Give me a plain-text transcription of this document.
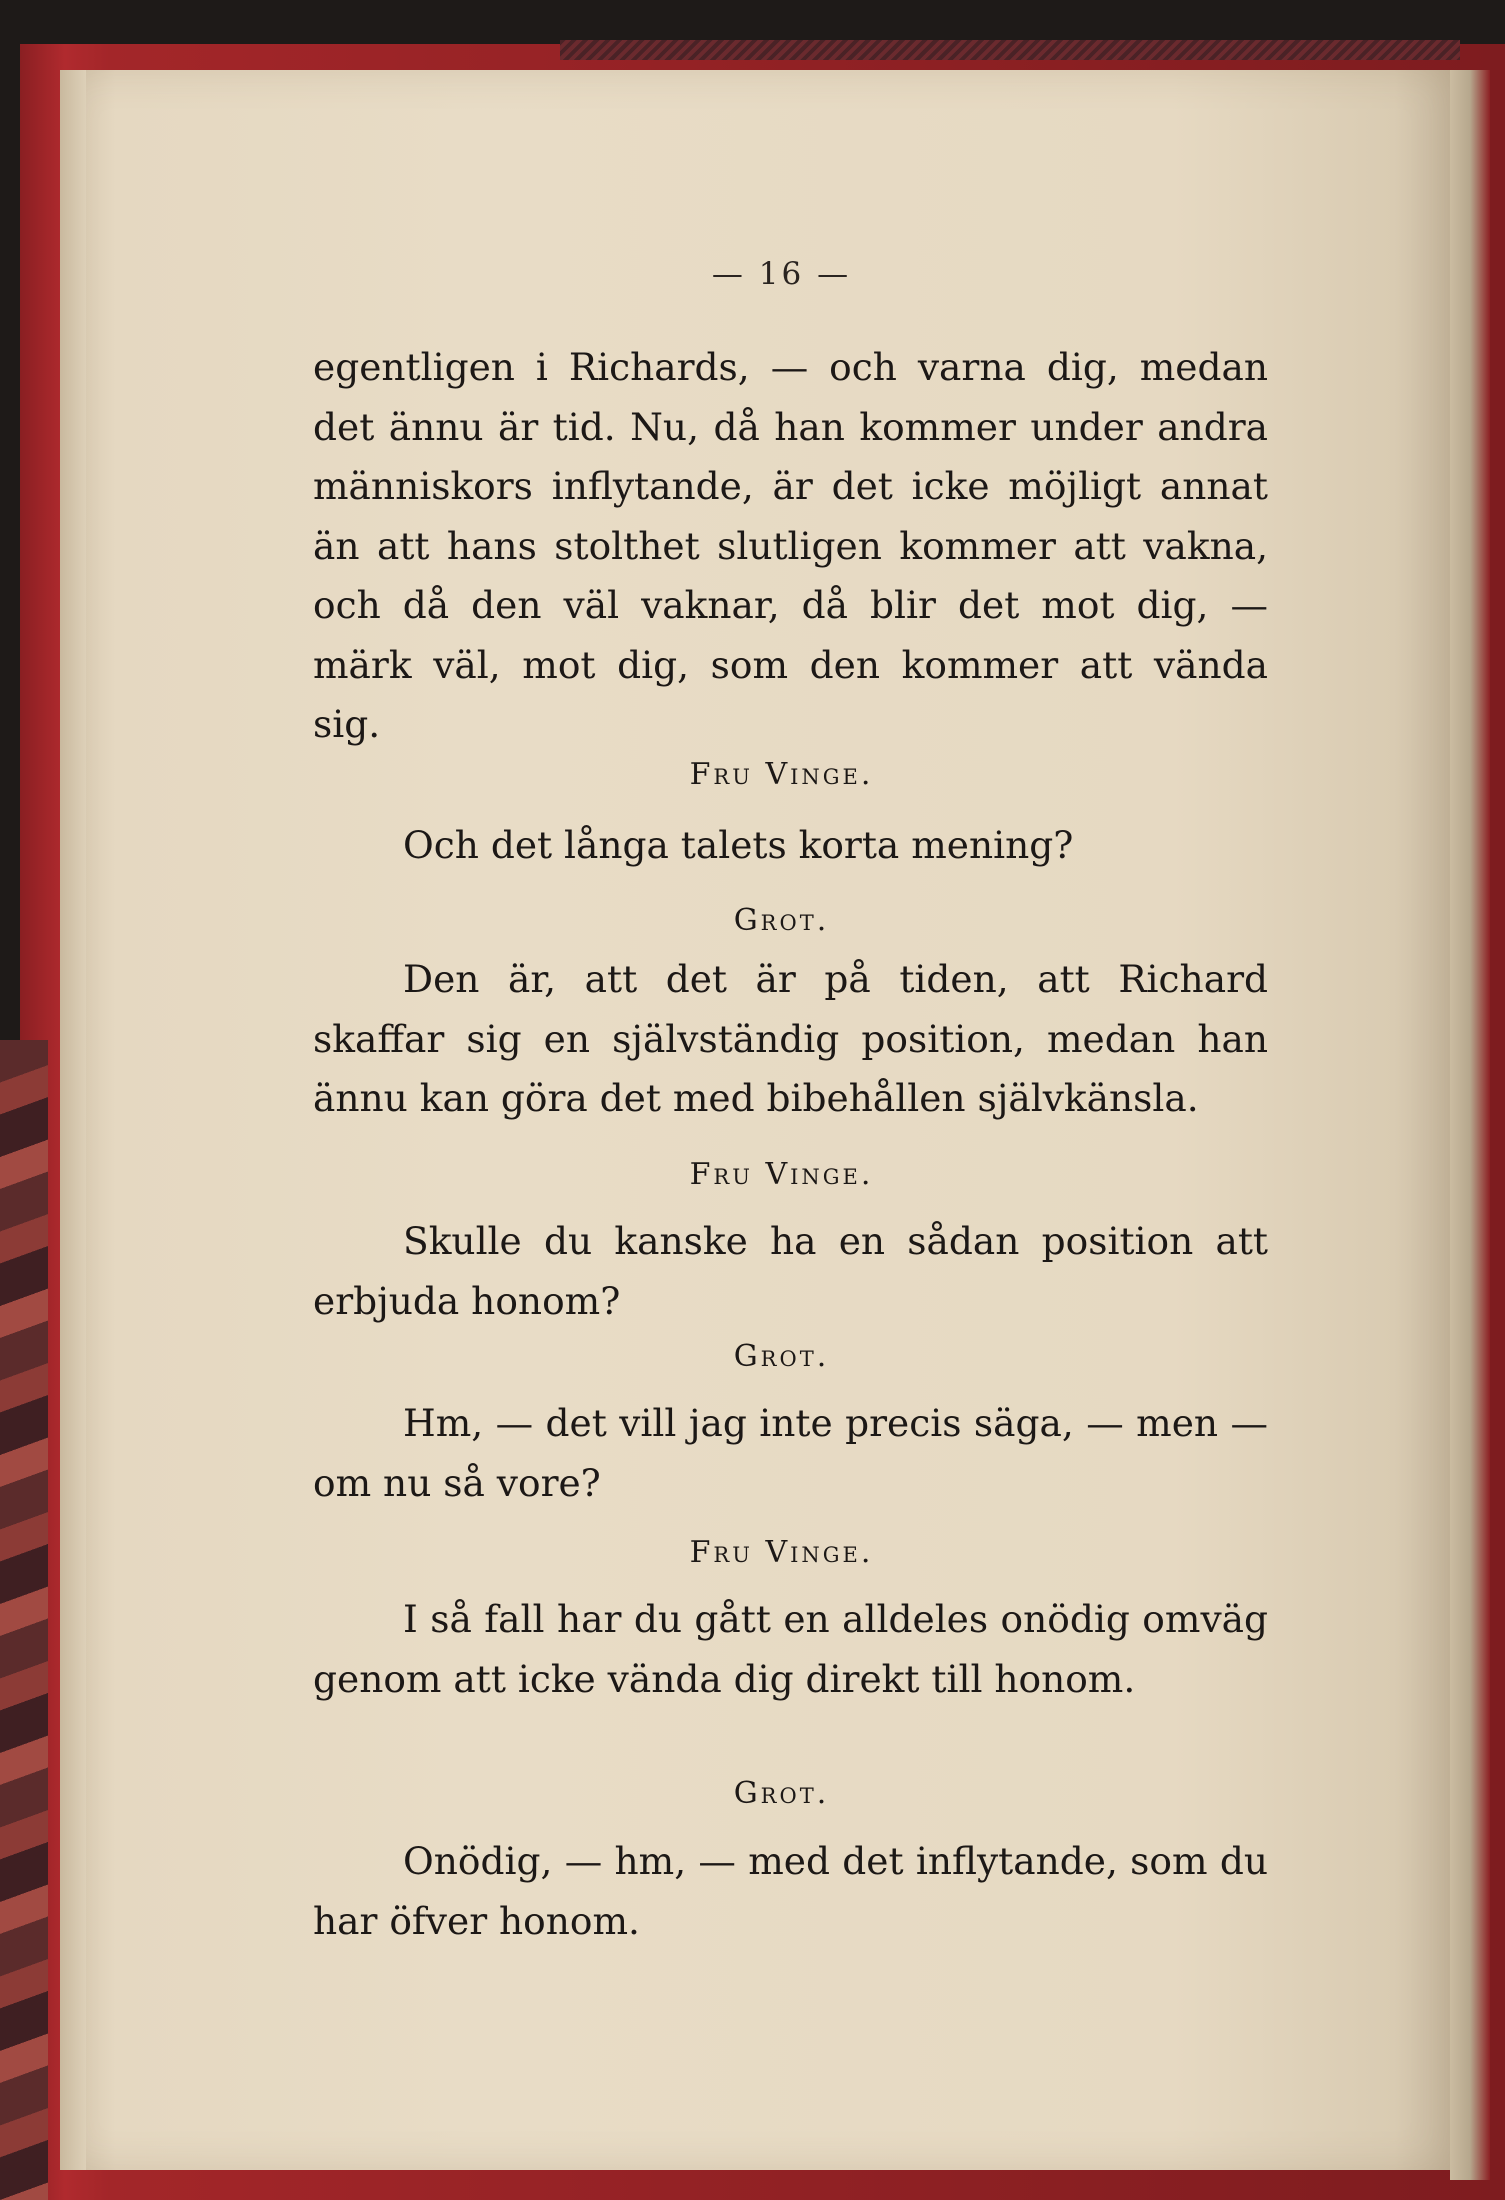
— 16 —
egentligen i Richards, — och varna dig, medan det ännu är tid. Nu, då han kommer under andra människors inflytande, är det icke möjligt annat än att hans stolthet slutligen kommer att vakna, och då den väl vaknar, då blir det mot dig, — märk väl, mot dig, som den kommer att vända sig.
Fru Vinge.
Och det långa talets korta mening?
Grot.
Den är, att det är på tiden, att Richard skaffar sig en självständig position, medan han ännu kan göra det med bibehållen självkänsla.
Fru Vinge.
Skulle du kanske ha en sådan position att erbjuda honom?
Grot.
Hm, — det vill jag inte precis säga, — men — om nu så vore?
Fru Vinge.
I så fall har du gått en alldeles onödig omväg genom att icke vända dig direkt till honom.
Grot.
Onödig, — hm, — med det inflytande, som du har öfver honom.
